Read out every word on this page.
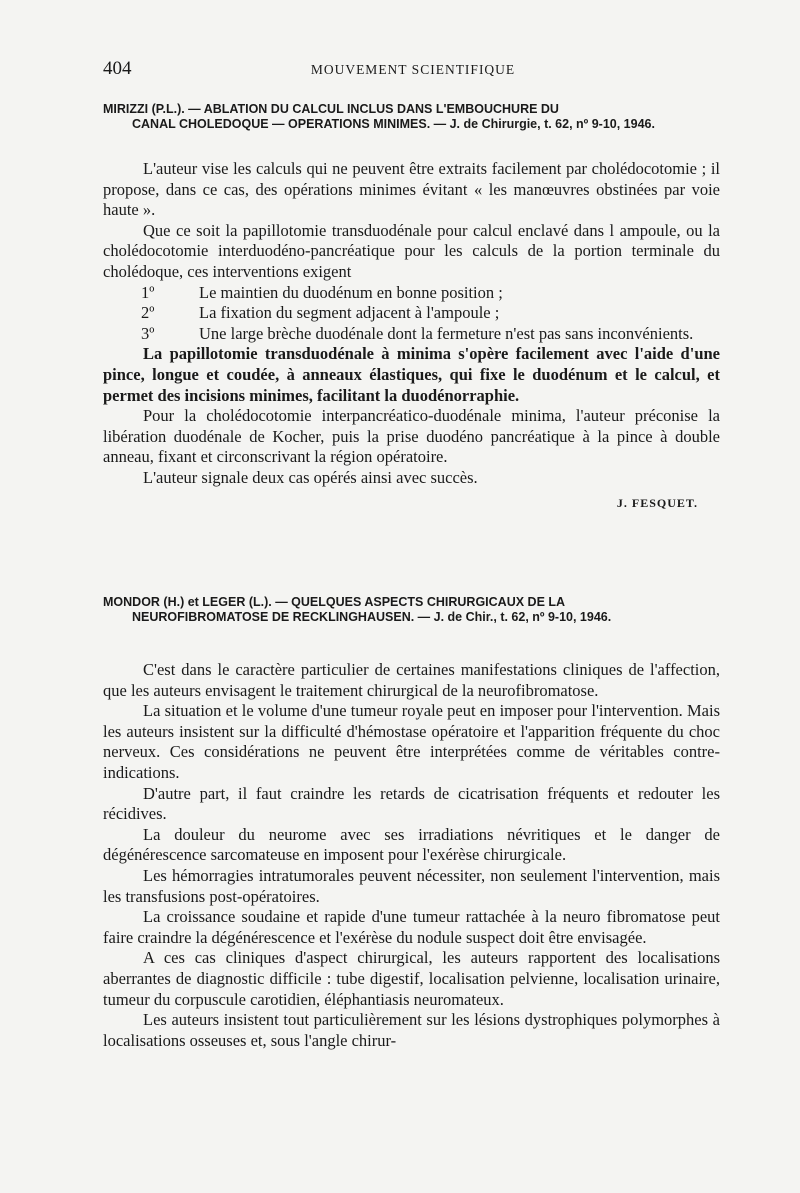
404	MOUVEMENT SCIENTIFIQUE
MIRIZZI (P.L.). — ABLATION DU CALCUL INCLUS DANS L'EMBOUCHURE DU
CANAL CHOLEDOQUE — OPERATIONS MINIMES. — J. de Chirurgie, t. 62, nº 9-10, 1946.

L'auteur vise les calculs qui ne peuvent être extraits facilement par cholédocotomie ; il propose, dans ce cas, des opérations minimes évitant « les manœuvres obstinées par voie haute ».

Que ce soit la papillotomie transduodénale pour calcul enclavé dans l ampoule, ou la cholédocotomie interduodéno-pancréatique pour les calculs de la portion terminale du cholédoque, ces interventions exigent

1º	Le maintien du duodénum en bonne position ;

2º	La fixation du segment adjacent à l'ampoule ;

3º	Une large brèche duodénale dont la fermeture n'est pas sans inconvénients.

La papillotomie transduodénale à minima s'opère facilement avec l'aide d'une pince, longue et coudée, à anneaux élastiques, qui fixe le duodénum et le calcul, et permet des incisions minimes, facilitant la duodénorraphie.

Pour la cholédocotomie interpancréatico-duodénale minima, l'auteur préconise la libération duodénale de Kocher, puis la prise duodéno pancréatique à la pince à double anneau, fixant et circonscrivant la région opératoire.

L'auteur signale deux cas opérés ainsi avec succès.

J. FESQUET.
MONDOR (H.) et LEGER (L.). — QUELQUES ASPECTS CHIRURGICAUX DE LA
NEUROFIBROMATOSE DE RECKLINGHAUSEN. — J. de Chir., t. 62, nº 9-10, 1946.

C'est dans le caractère particulier de certaines manifestations cliniques de l'affection, que les auteurs envisagent le traitement chirurgical de la neurofibromatose.

La situation et le volume d'une tumeur royale peut en imposer pour l'intervention. Mais les auteurs insistent sur la difficulté d'hémostase opératoire et l'apparition fréquente du choc nerveux. Ces considérations ne peuvent être interprétées comme de véritables contre-indications.

D'autre part, il faut craindre les retards de cicatrisation fréquents et redouter les récidives.

La douleur du neurome avec ses irradiations névritiques et le danger de dégénérescence sarcomateuse en imposent pour l'exérèse chirurgicale.

Les hémorragies intratumorales peuvent nécessiter, non seulement l'intervention, mais les transfusions post-opératoires.

La croissance soudaine et rapide d'une tumeur rattachée à la neuro fibromatose peut faire craindre la dégénérescence et l'exérèse du nodule suspect doit être envisagée.

A ces cas cliniques d'aspect chirurgical, les auteurs rapportent des localisations aberrantes de diagnostic difficile : tube digestif, localisation pelvienne, localisation urinaire, tumeur du corpuscule carotidien, éléphantiasis neuromateux.

Les auteurs insistent tout particulièrement sur les lésions dystrophiques polymorphes à localisations osseuses et, sous l'angle chirur-
